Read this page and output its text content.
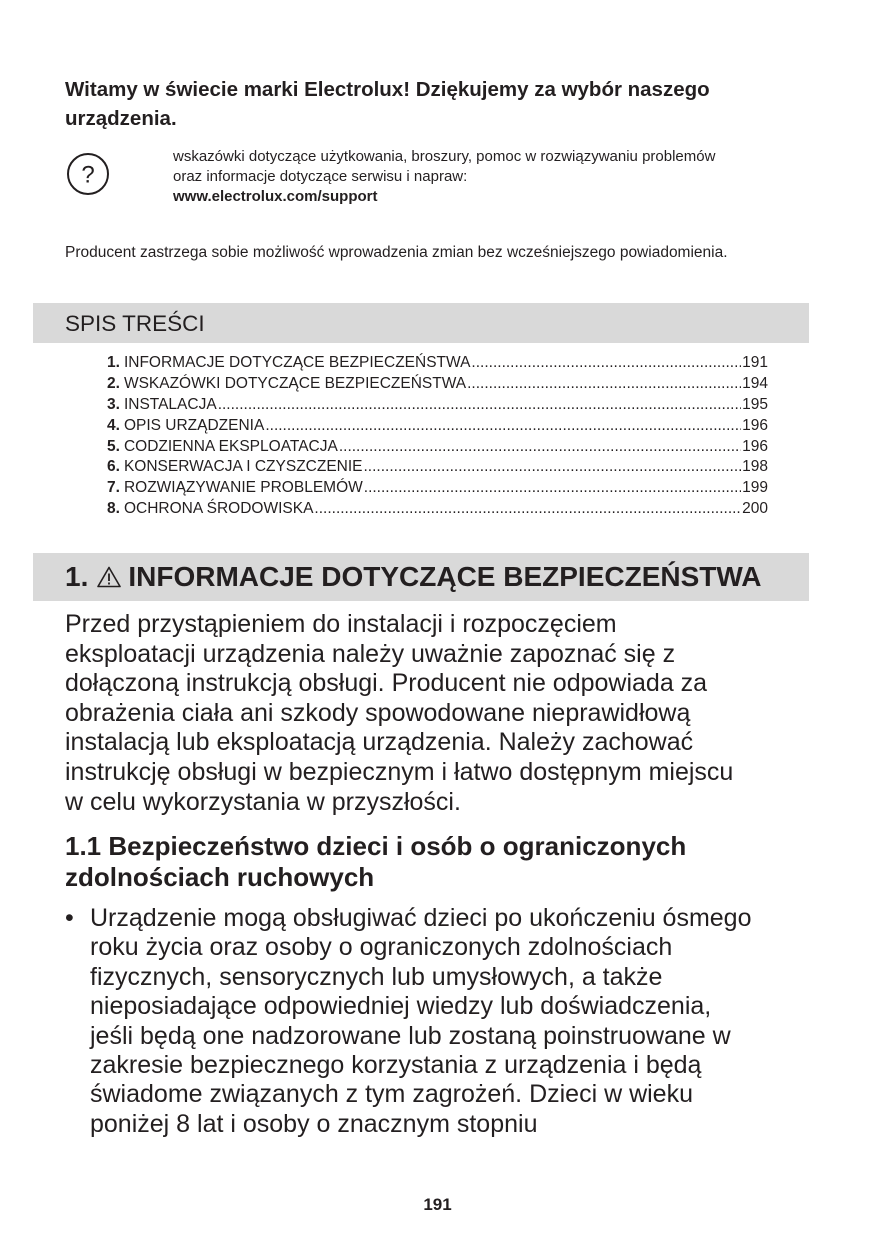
Witamy w świecie marki Electrolux! Dziękujemy za wybór naszego urządzenia.
?
wskazówki dotyczące użytkowania, broszury, pomoc w rozwiązywaniu problemów
oraz informacje dotyczące serwisu i napraw:
www.electrolux.com/support
Producent zastrzega sobie możliwość wprowadzenia zmian bez wcześniejszego powiadomienia.
SPIS TREŚCI
1. INFORMACJE DOTYCZĄCE BEZPIECZEŃSTWA .....	191
2. WSKAZÓWKI DOTYCZĄCE BEZPIECZEŃSTWA .....	194
3. INSTALACJA .....	195
4. OPIS URZĄDZENIA .....	196
5. CODZIENNA EKSPLOATACJA .....	196
6. KONSERWACJA I CZYSZCZENIE .....	198
7. ROZWIĄZYWANIE PROBLEMÓW .....	199
8. OCHRONA ŚRODOWISKA .....	200
1. INFORMACJE DOTYCZĄCE BEZPIECZEŃSTWA
Przed przystąpieniem do instalacji i rozpoczęciem
eksploatacji urządzenia należy uważnie zapoznać się z
dołączoną instrukcją obsługi. Producent nie odpowiada za
obrażenia ciała ani szkody spowodowane nieprawidłową
instalacją lub eksploatacją urządzenia. Należy zachować
instrukcję obsługi w bezpiecznym i łatwo dostępnym miejscu
w celu wykorzystania w przyszłości.
1.1 Bezpieczeństwo dzieci i osób o ograniczonych
zdolnościach ruchowych
• Urządzenie mogą obsługiwać dzieci po ukończeniu ósmego
roku życia oraz osoby o ograniczonych zdolnościach
fizycznych, sensorycznych lub umysłowych, a także
nieposiadające odpowiedniej wiedzy lub doświadczenia,
jeśli będą one nadzorowane lub zostaną poinstruowane w
zakresie bezpiecznego korzystania z urządzenia i będą
świadome związanych z tym zagrożeń. Dzieci w wieku
poniżej 8 lat i osoby o znacznym stopniu
191
